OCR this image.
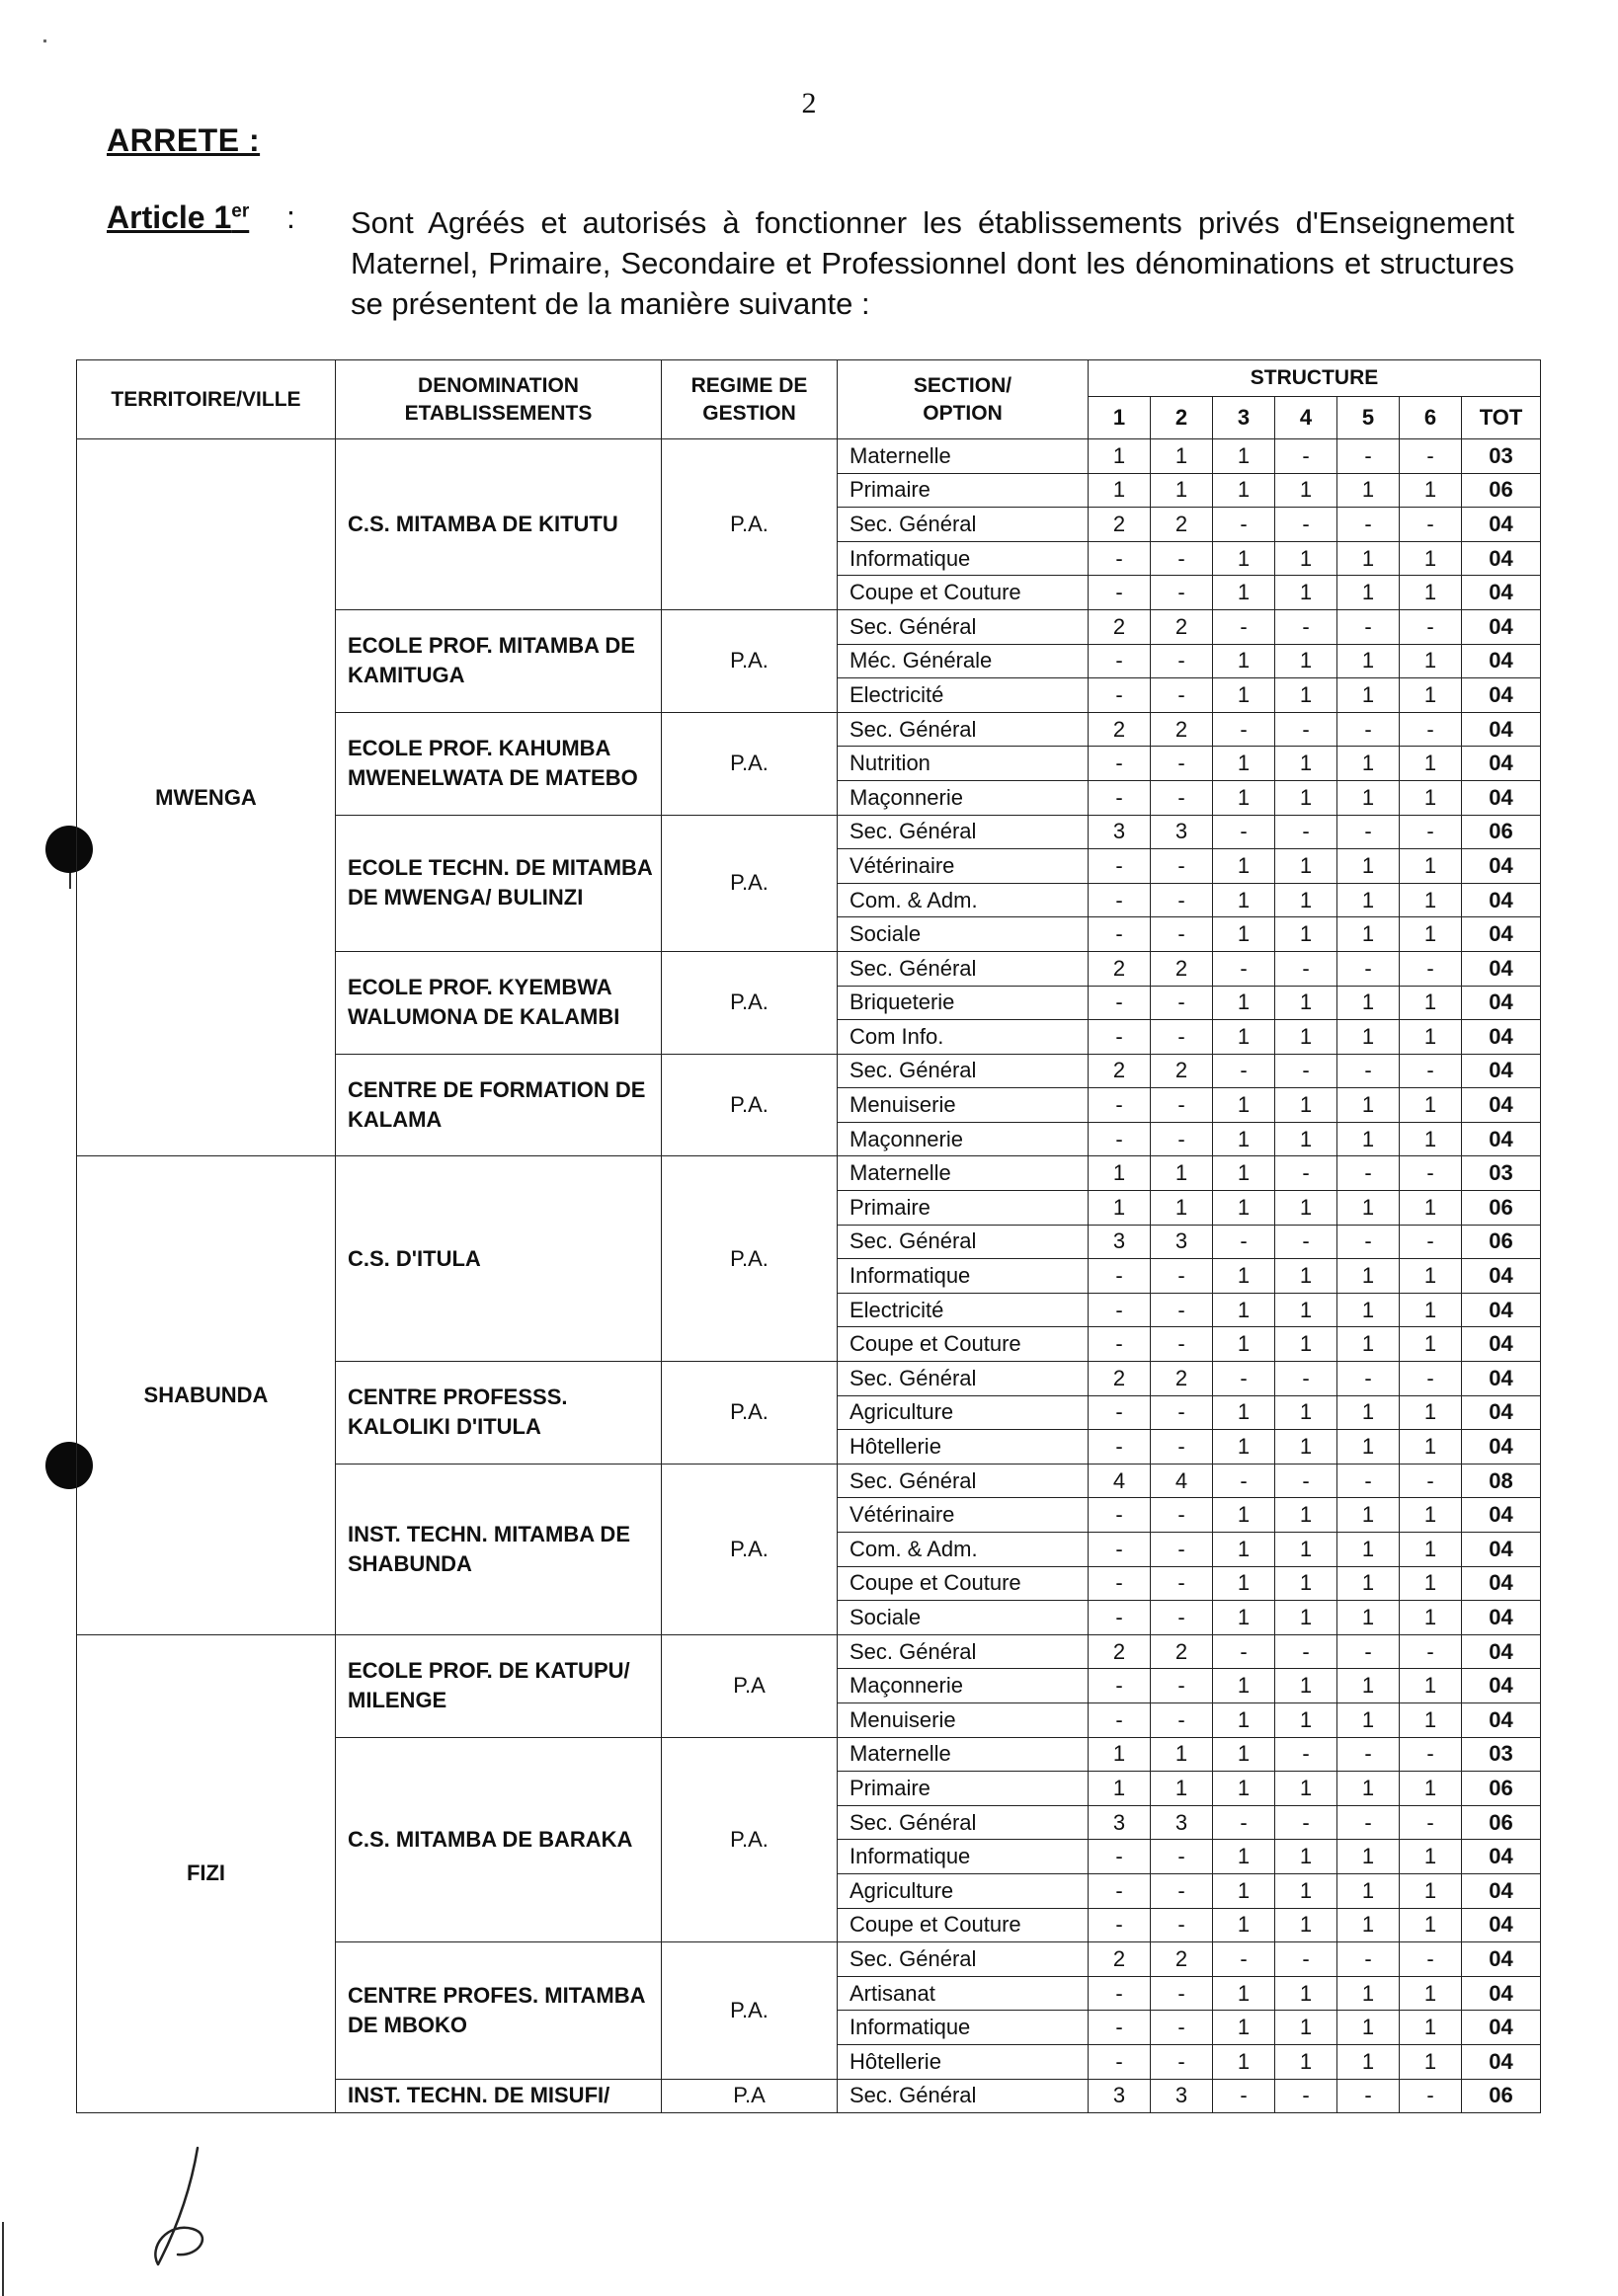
2
ARRETE :
Article 1er : Sont Agréés et autorisés à fonctionner les établissements privés d'Enseignement Maternel, Primaire, Secondaire et Professionnel dont les dénominations et structures se présentent de la manière suivante :
TERRITOIRE/VILLE	DENOMINATION ETABLISSEMENTS	REGIME DE GESTION	SECTION/ OPTION	STRUCTURE						
				1	2	3	4	5	6	TOT
MWENGA	C.S. MITAMBA DE KITUTU	P.A.	Maternelle	1	1	1	-	-	-	03
			Primaire	1	1	1	1	1	1	06
			Sec. Général	2	2	-	-	-	-	04
			Informatique	-	-	1	1	1	1	04
			Coupe et Couture	-	-	1	1	1	1	04
	ECOLE PROF. MITAMBA DE KAMITUGA	P.A.	Sec. Général	2	2	-	-	-	-	04
			Méc. Générale	-	-	1	1	1	1	04
			Electricité	-	-	1	1	1	1	04
	ECOLE PROF. KAHUMBA MWENELWATA DE MATEBO	P.A.	Sec. Général	2	2	-	-	-	-	04
			Nutrition	-	-	1	1	1	1	04
			Maçonnerie	-	-	1	1	1	1	04
	ECOLE TECHN. DE MITAMBA DE MWENGA/ BULINZI	P.A.	Sec. Général	3	3	-	-	-	-	06
			Vétérinaire	-	-	1	1	1	1	04
			Com. & Adm.	-	-	1	1	1	1	04
			Sociale	-	-	1	1	1	1	04
	ECOLE PROF. KYEMBWA WALUMONA DE KALAMBI	P.A.	Sec. Général	2	2	-	-	-	-	04
			Briqueterie	-	-	1	1	1	1	04
			Com Info.	-	-	1	1	1	1	04
	CENTRE DE FORMATION DE KALAMA	P.A.	Sec. Général	2	2	-	-	-	-	04
			Menuiserie	-	-	1	1	1	1	04
			Maçonnerie	-	-	1	1	1	1	04
SHABUNDA	C.S. D'ITULA	P.A.	Maternelle	1	1	1	-	-	-	03
			Primaire	1	1	1	1	1	1	06
			Sec. Général	3	3	-	-	-	-	06
			Informatique	-	-	1	1	1	1	04
			Electricité	-	-	1	1	1	1	04
			Coupe et Couture	-	-	1	1	1	1	04
	CENTRE PROFESSS. KALOLIKI D'ITULA	P.A.	Sec. Général	2	2	-	-	-	-	04
			Agriculture	-	-	1	1	1	1	04
			Hôtellerie	-	-	1	1	1	1	04
	INST. TECHN. MITAMBA DE SHABUNDA	P.A.	Sec. Général	4	4	-	-	-	-	08
			Vétérinaire	-	-	1	1	1	1	04
			Com. & Adm.	-	-	1	1	1	1	04
			Coupe et Couture	-	-	1	1	1	1	04
			Sociale	-	-	1	1	1	1	04
FIZI	ECOLE PROF. DE KATUPU/ MILENGE	P.A	Sec. Général	2	2	-	-	-	-	04
			Maçonnerie	-	-	1	1	1	1	04
			Menuiserie	-	-	1	1	1	1	04
	C.S. MITAMBA DE BARAKA	P.A.	Maternelle	1	1	1	-	-	-	03
			Primaire	1	1	1	1	1	1	06
			Sec. Général	3	3	-	-	-	-	06
			Informatique	-	-	1	1	1	1	04
			Agriculture	-	-	1	1	1	1	04
			Coupe et Couture	-	-	1	1	1	1	04
	CENTRE PROFES. MITAMBA DE MBOKO	P.A.	Sec. Général	2	2	-	-	-	-	04
			Artisanat	-	-	1	1	1	1	04
			Informatique	-	-	1	1	1	1	04
			Hôtellerie	-	-	1	1	1	1	04
	INST. TECHN. DE MISUFI/	P.A	Sec. Général	3	3	-	-	-	-	06
